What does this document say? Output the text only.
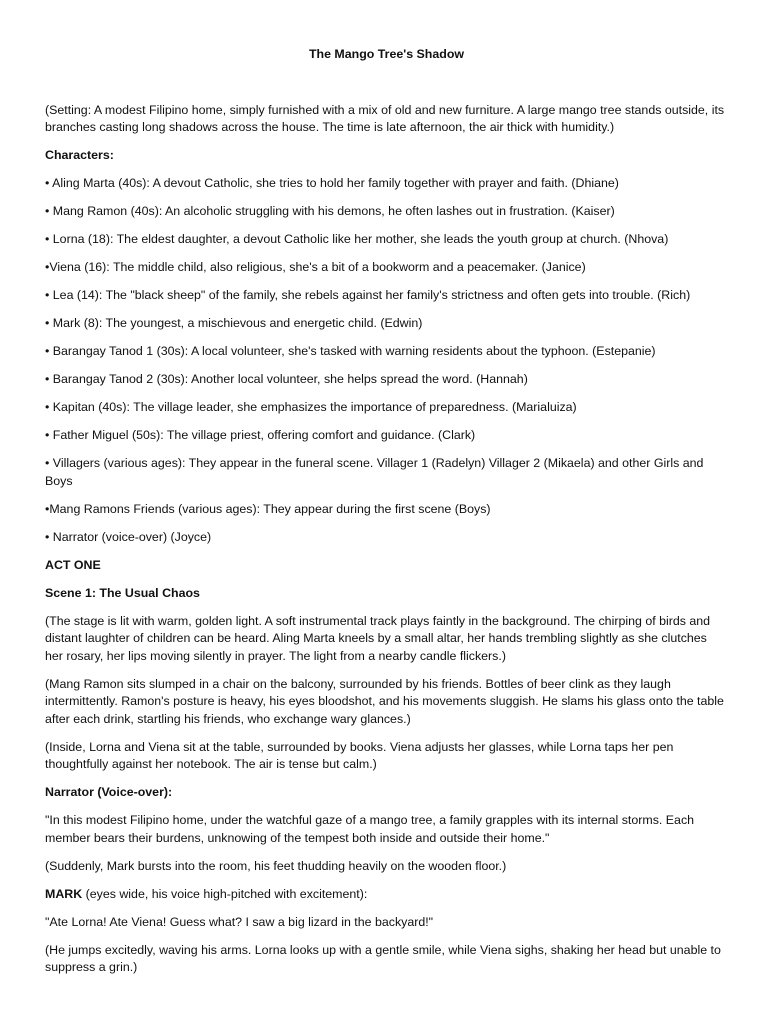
The Mango Tree's Shadow

(Setting: A modest Filipino home, simply furnished with a mix of old and new furniture. A large mango tree stands outside, its branches casting long shadows across the house. The time is late afternoon, the air thick with humidity.)

Characters:

• Aling Marta (40s): A devout Catholic, she tries to hold her family together with prayer and faith. (Dhiane)

• Mang Ramon (40s): An alcoholic struggling with his demons, he often lashes out in frustration. (Kaiser)

• Lorna (18): The eldest daughter, a devout Catholic like her mother, she leads the youth group at church. (Nhova)

•Viena (16): The middle child, also religious, she's a bit of a bookworm and a peacemaker. (Janice)

• Lea (14): The "black sheep" of the family, she rebels against her family's strictness and often gets into trouble. (Rich)

• Mark (8): The youngest, a mischievous and energetic child. (Edwin)

• Barangay Tanod 1 (30s): A local volunteer, she's tasked with warning residents about the typhoon. (Estepanie)

• Barangay Tanod 2 (30s): Another local volunteer, she helps spread the word. (Hannah)

• Kapitan (40s): The village leader, she emphasizes the importance of preparedness. (Marialuiza)

• Father Miguel (50s): The village priest, offering comfort and guidance. (Clark)

• Villagers (various ages): They appear in the funeral scene. Villager 1 (Radelyn) Villager 2 (Mikaela) and other Girls and Boys

•Mang Ramons Friends (various ages): They appear during the first scene (Boys)

• Narrator (voice-over) (Joyce)

ACT ONE

Scene 1: The Usual Chaos

(The stage is lit with warm, golden light. A soft instrumental track plays faintly in the background. The chirping of birds and distant laughter of children can be heard. Aling Marta kneels by a small altar, her hands trembling slightly as she clutches her rosary, her lips moving silently in prayer. The light from a nearby candle flickers.)

(Mang Ramon sits slumped in a chair on the balcony, surrounded by his friends. Bottles of beer clink as they laugh intermittently. Ramon's posture is heavy, his eyes bloodshot, and his movements sluggish. He slams his glass onto the table after each drink, startling his friends, who exchange wary glances.)

(Inside, Lorna and Viena sit at the table, surrounded by books. Viena adjusts her glasses, while Lorna taps her pen thoughtfully against her notebook. The air is tense but calm.)

Narrator (Voice-over):

"In this modest Filipino home, under the watchful gaze of a mango tree, a family grapples with its internal storms. Each member bears their burdens, unknowing of the tempest both inside and outside their home."

(Suddenly, Mark bursts into the room, his feet thudding heavily on the wooden floor.)

MARK (eyes wide, his voice high-pitched with excitement):

"Ate Lorna! Ate Viena! Guess what? I saw a big lizard in the backyard!"

(He jumps excitedly, waving his arms. Lorna looks up with a gentle smile, while Viena sighs, shaking her head but unable to suppress a grin.)
